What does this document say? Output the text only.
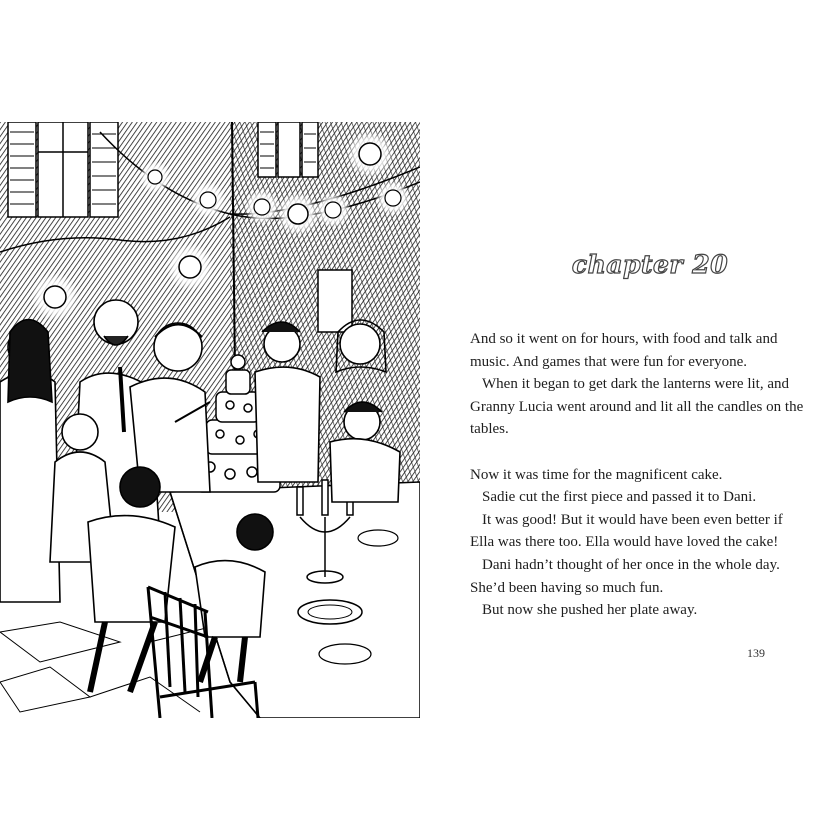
chapter 20

And so it went on for hours, with food and talk and music. And games that were fun for everyone.

When it began to get dark the lanterns were lit, and Granny Lucia went around and lit all the candles on the tables.

Now it was time for the magnificent cake.

Sadie cut the first piece and passed it to Dani.

It was good! But it would have been even better if Ella was there too. Ella would have loved the cake!

Dani hadn’t thought of her once in the whole day. She’d been having so much fun.

But now she pushed her plate away.

139
